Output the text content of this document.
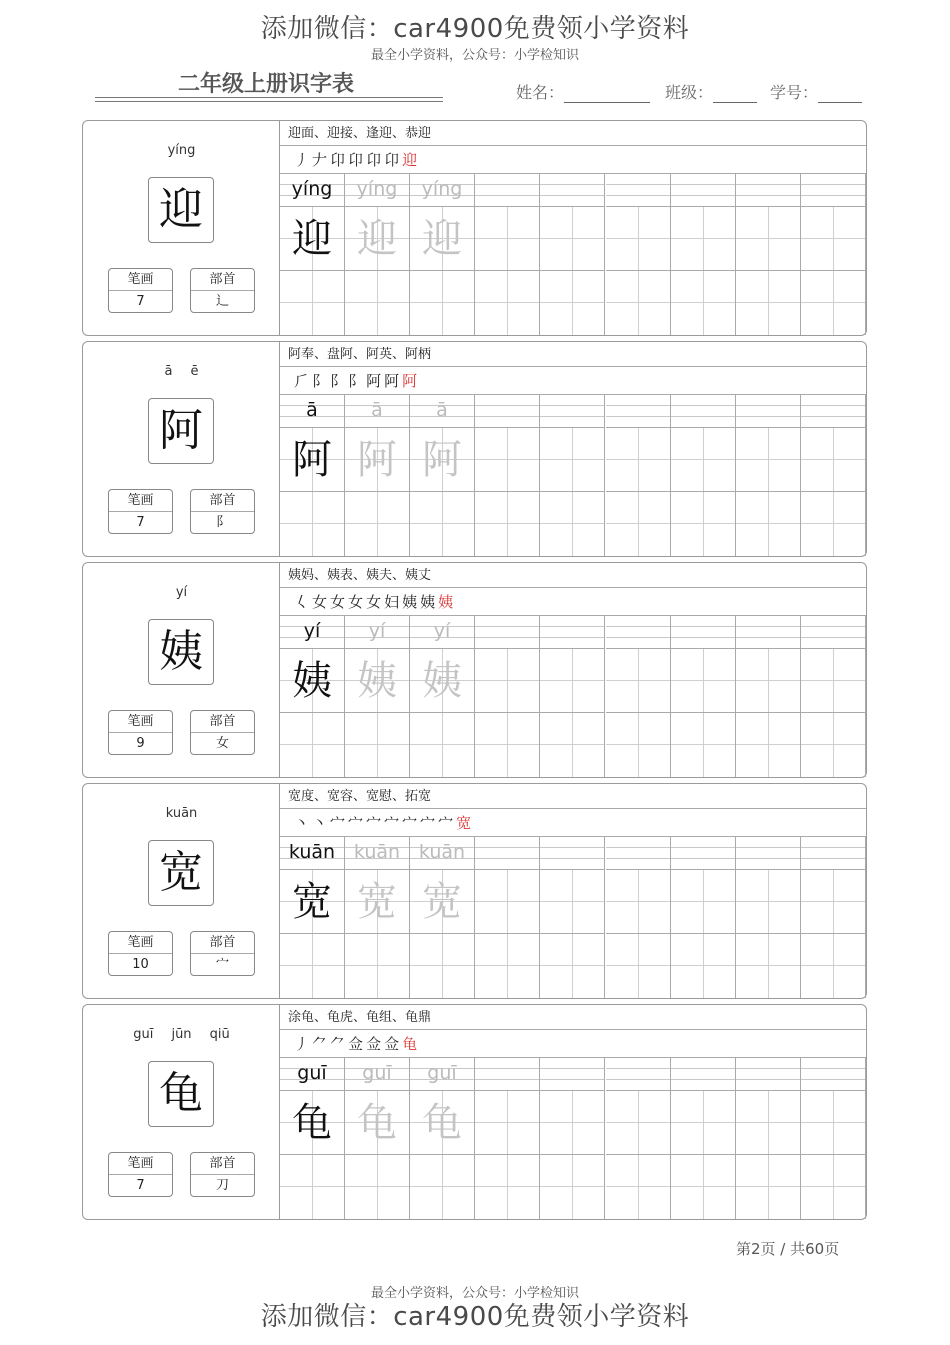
添加微信：car4900免费领小学资料
最全小学资料，公众号：小学检知识
二年级上册识字表	姓名：	班级：	学号：
yíng
迎
笔画
7
部首
辶
迎面、迎接、逢迎、恭迎
丿𠂇卬卬卬卬迎
yíng
迎
yíng
迎
yíng
迎
ā ē
阿
笔画
7
部首
阝
阿奉、盘阿、阿英、阿柄
⺁阝阝阝阿阿阿
ā
阿
ā
阿
ā
阿
yí
姨
笔画
9
部首
女
姨妈、姨表、姨夫、姨丈
𡿨女女女女妇姨姨姨
yí
姨
yí
姨
yí
姨
kuān
宽
笔画
10
部首
宀
宽度、宽容、宽慰、拓宽
丶丶宀宀宀宀宀宀宀宽
kuān
宽
kuān
宽
kuān
宽
guī jūn qiū
龟
笔画
7
部首
刀
涂龟、龟虎、龟组、龟鼎
丿⺈⺈佥佥佥龟
guī
龟
guī
龟
guī
龟
第2页 / 共60页
最全小学资料，公众号：小学检知识
添加微信：car4900免费领小学资料
